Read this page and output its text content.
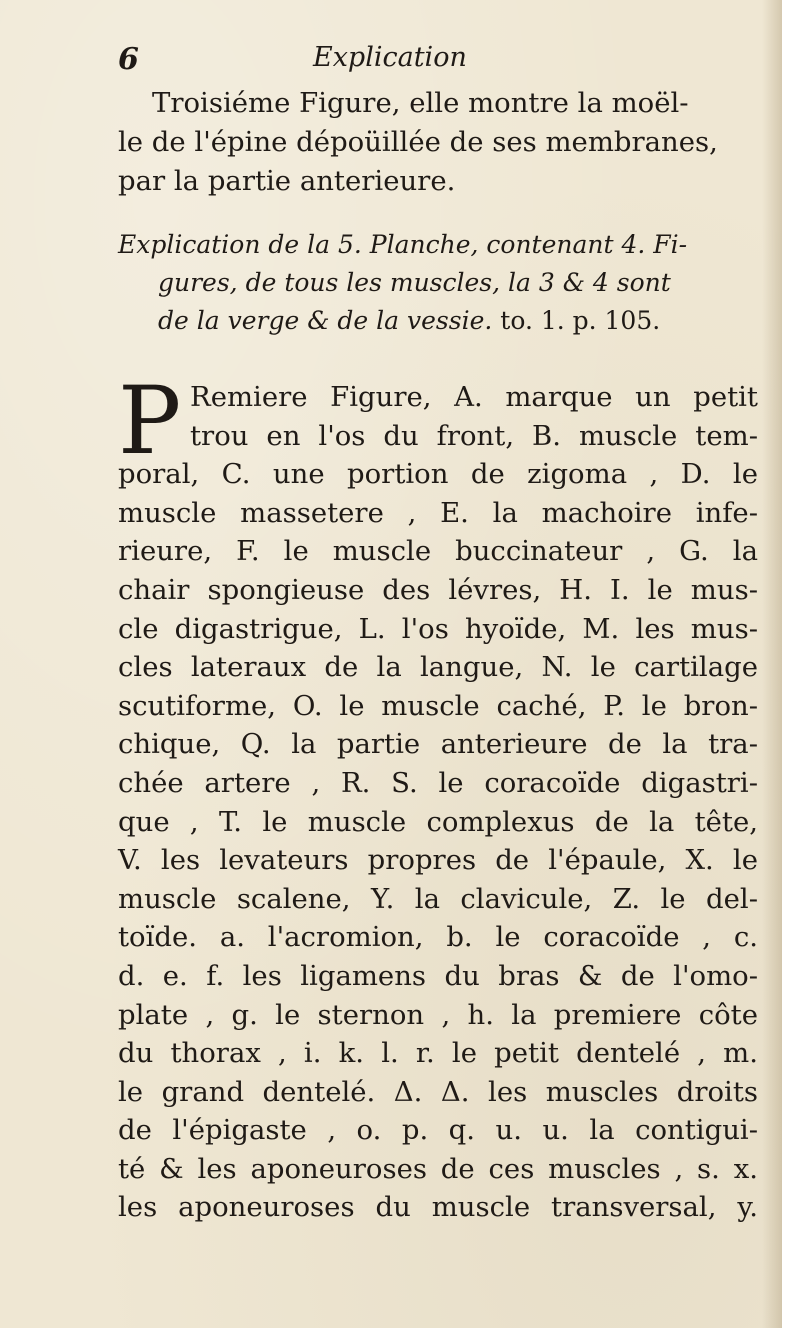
6	Explication
Troisiéme Figure, elle montre la moël-
le de l'épine dépoüillée de ses membranes,
par la partie anterieure.
Explication de la 5. Planche, contenant 4. Fi-
gures, de tous les muscles, la 3 & 4 sont
de la verge & de la vessie. to. 1. p. 105.
P Remiere Figure, A. marque un petit
trou en l'os du front, B. muscle tem-
poral, C. une portion de zigoma , D. le
muscle massetere , E. la machoire infe-
rieure, F. le muscle buccinateur , G. la
chair spongieuse des lévres, H. I. le mus-
cle digastrigue, L. l'os hyoïde, M. les mus-
cles lateraux de la langue, N. le cartilage
scutiforme, O. le muscle caché, P. le bron-
chique, Q. la partie anterieure de la tra-
chée artere , R. S. le coracoïde digastri-
que , T. le muscle complexus de la tête,
V. les levateurs propres de l'épaule, X. le
muscle scalene, Y. la clavicule, Z. le del-
toïde. a. l'acromion, b. le coracoïde , c.
d. e. f. les ligamens du bras & de l'omo-
plate , g. le sternon , h. la premiere côte
du thorax , i. k. l. r. le petit dentelé , m.
le grand dentelé. Δ. Δ. les muscles droits
de l'épigaste , o. p. q. u. u. la contigui-
té & les aponeuroses de ces muscles , s. x.
les aponeuroses du muscle transversal, y.
